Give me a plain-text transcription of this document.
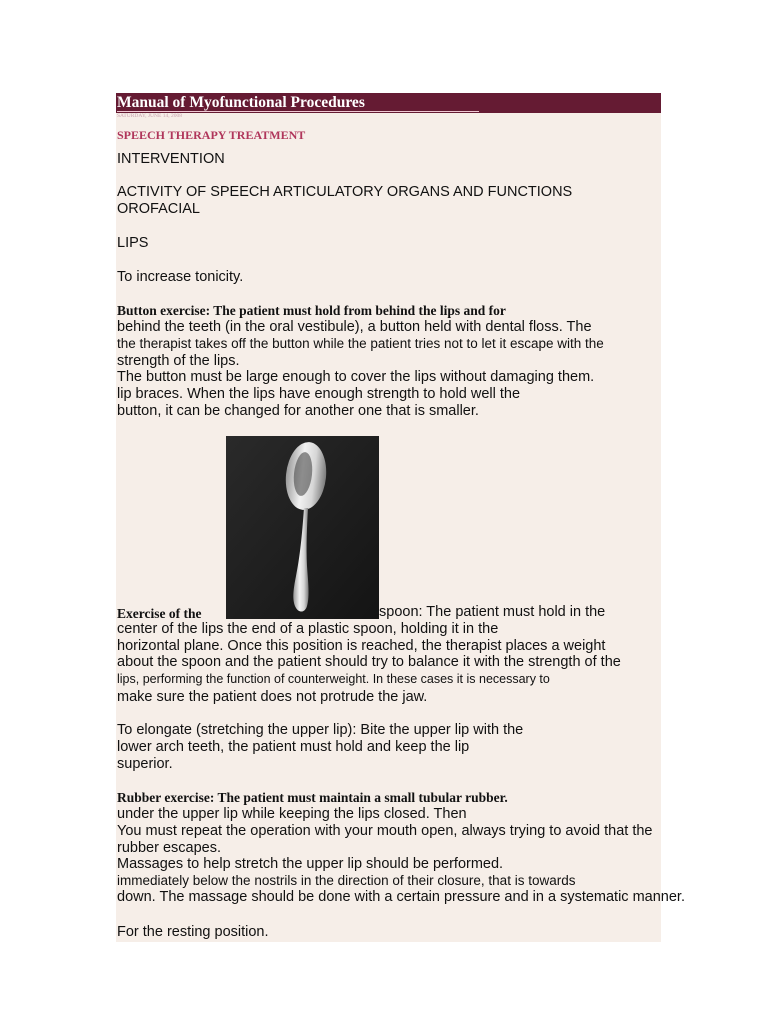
Manual of Myofunctional Procedures
SATURDAY, JUNE 14, 2008
SPEECH THERAPY TREATMENT
INTERVENTION
ACTIVITY OF SPEECH ARTICULATORY ORGANS AND FUNCTIONS
OROFACIAL
LIPS
To increase tonicity.
Button exercise: The patient must hold from behind the lips and for
behind the teeth (in the oral vestibule), a button held with dental floss. The
the therapist takes off the button while the patient tries not to let it escape with the
strength of the lips.
The button must be large enough to cover the lips without damaging them.
lip braces. When the lips have enough strength to hold well the
button, it can be changed for another one that is smaller.
Exercise of the	spoon: The patient must hold in the
center of the lips the end of a plastic spoon, holding it in the
horizontal plane. Once this position is reached, the therapist places a weight
about the spoon and the patient should try to balance it with the strength of the
lips, performing the function of counterweight. In these cases it is necessary to
make sure the patient does not protrude the jaw.
To elongate (stretching the upper lip): Bite the upper lip with the
lower arch teeth, the patient must hold and keep the lip
superior.
Rubber exercise: The patient must maintain a small tubular rubber.
under the upper lip while keeping the lips closed. Then
You must repeat the operation with your mouth open, always trying to avoid that the
rubber escapes.
Massages to help stretch the upper lip should be performed.
immediately below the nostrils in the direction of their closure, that is towards
down. The massage should be done with a certain pressure and in a systematic manner.
For the resting position.
